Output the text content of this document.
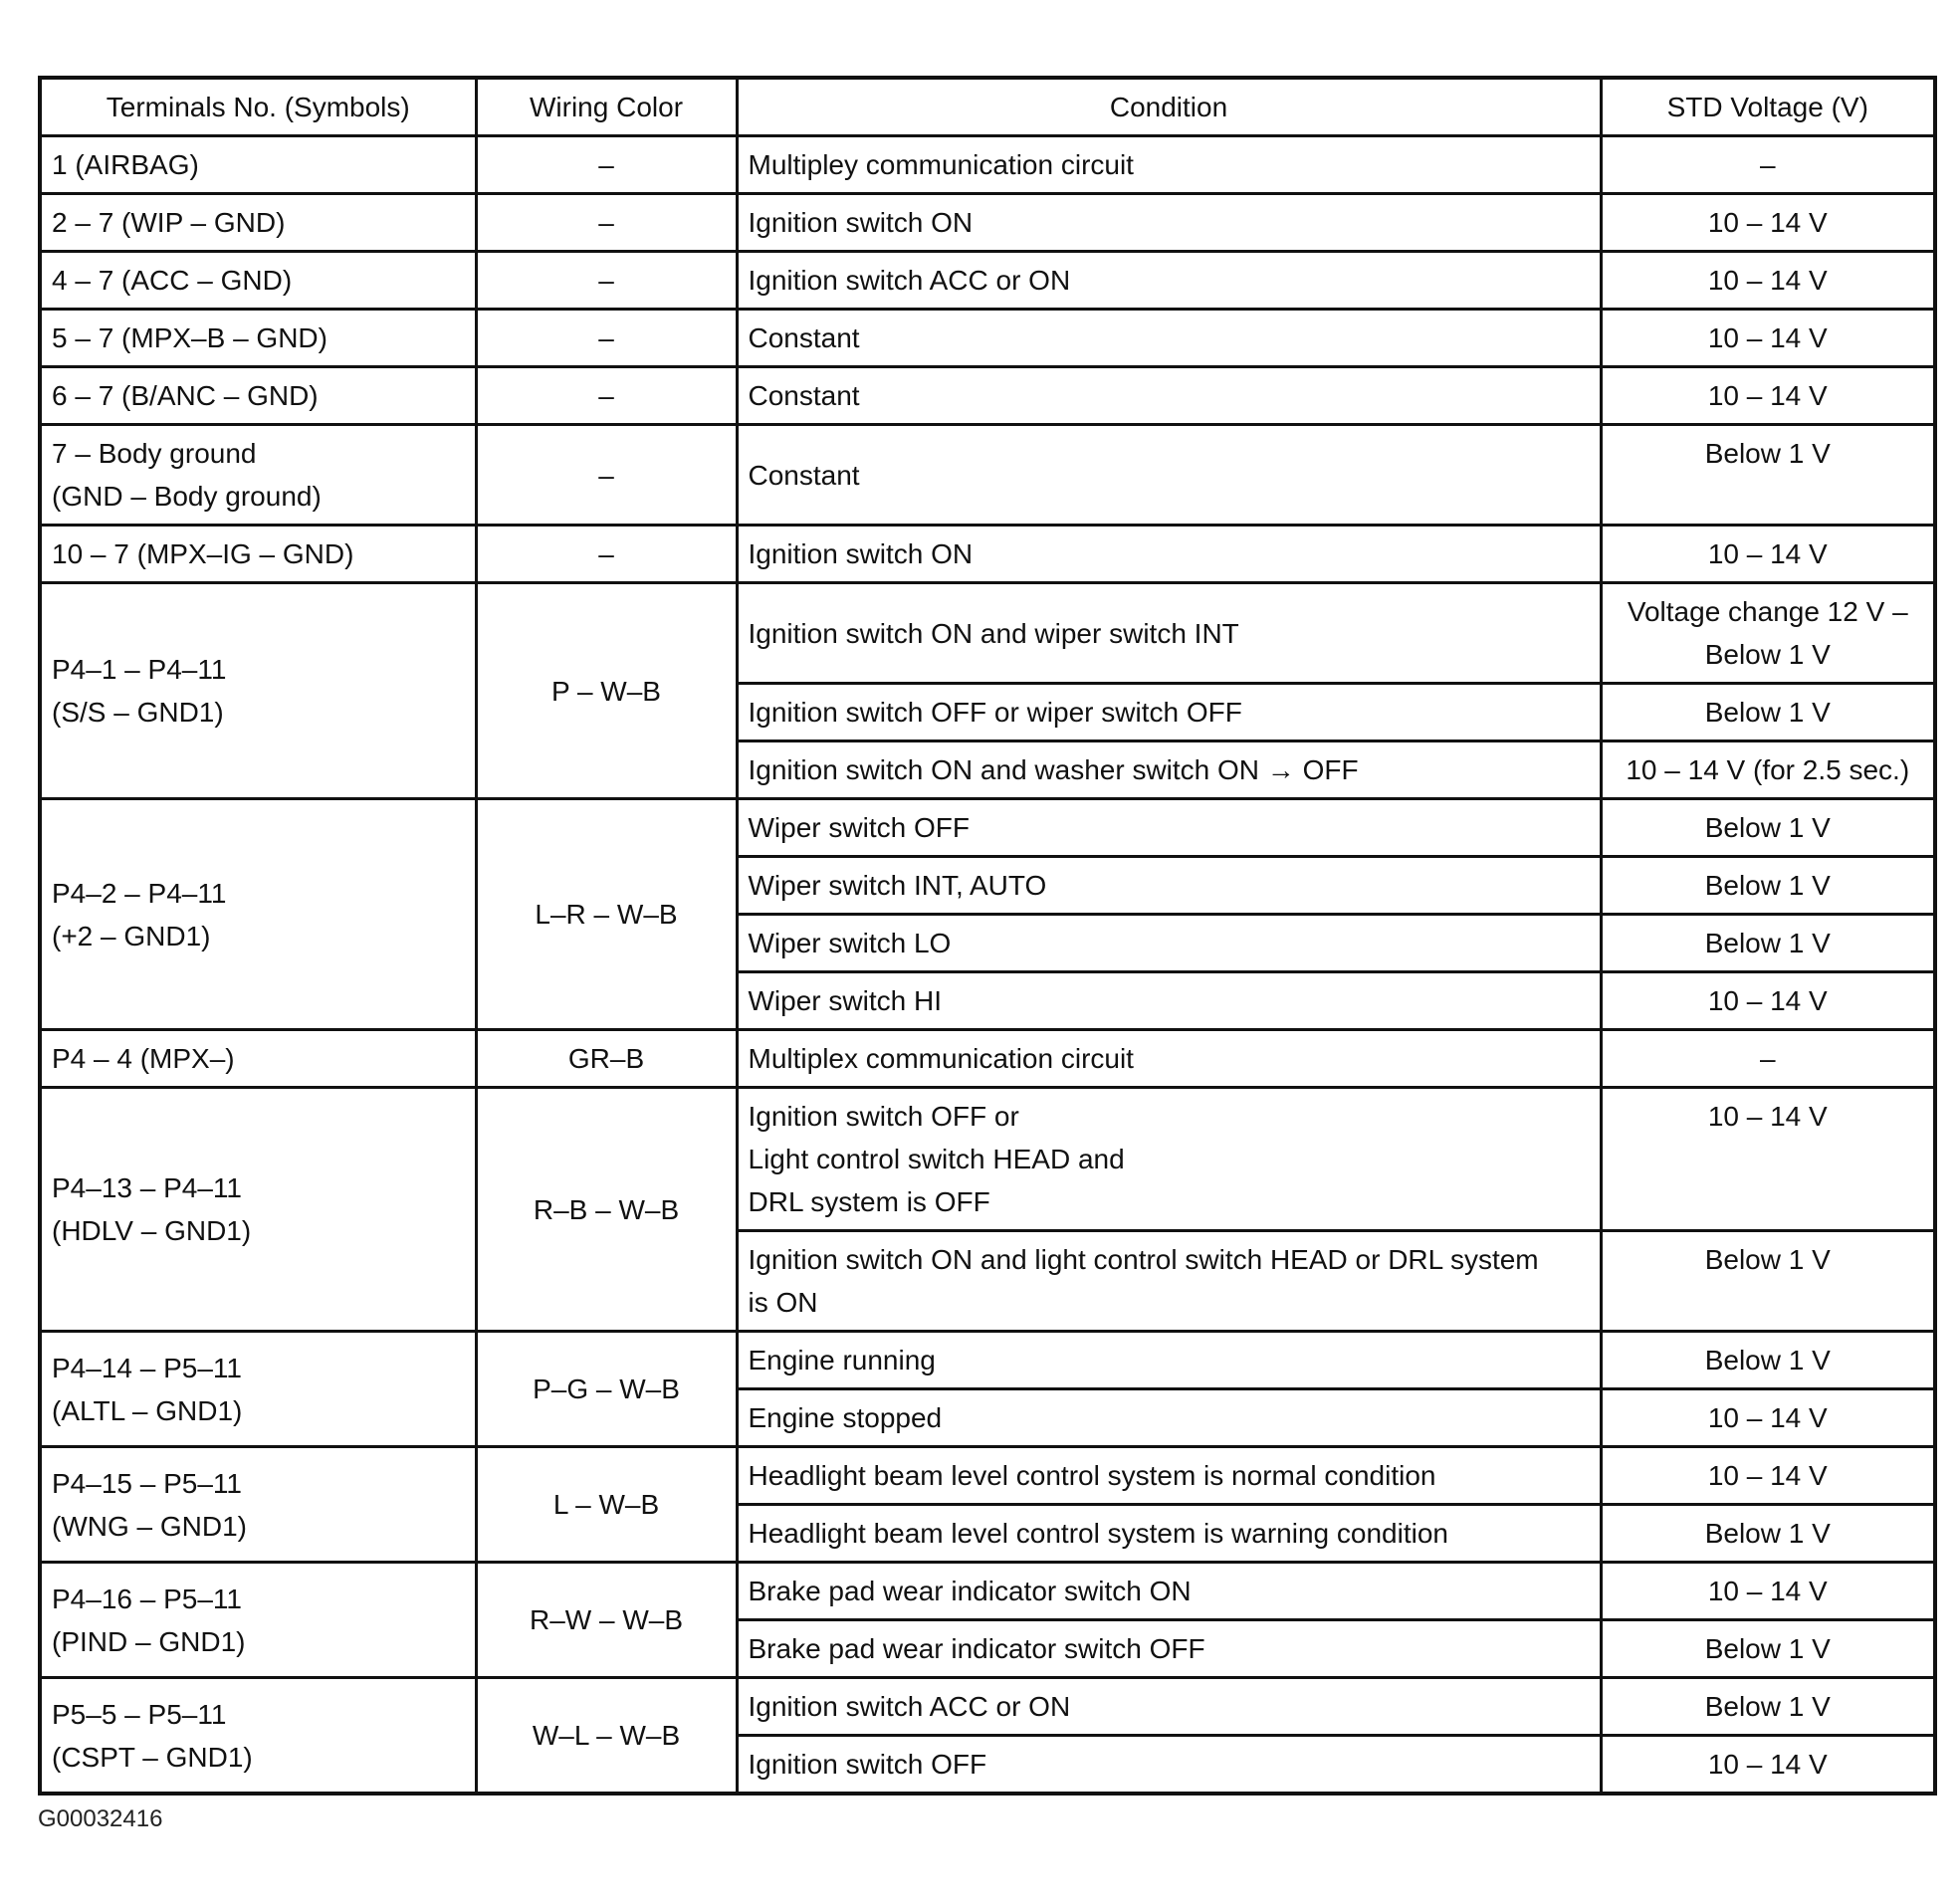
Terminals No. (Symbols)	Wiring Color	Condition	STD Voltage (V)

1 (AIRBAG)	–	Multipley communication circuit	–

2 – 7 (WIP – GND)	–	Ignition switch ON	10 – 14 V

4 – 7 (ACC – GND)	–	Ignition switch ACC or ON	10 – 14 V

5 – 7 (MPX–B – GND)	–	Constant	10 – 14 V

6 – 7 (B/ANC – GND)	–	Constant	10 – 14 V

7 – Body ground
(GND – Body ground)	–	Constant	Below 1 V

10 – 7 (MPX–IG – GND)	–	Ignition switch ON	10 – 14 V

P4–1 – P4–11
(S/S – GND1)	P – W–B	Ignition switch ON and wiper switch INT	Voltage change 12 V –
Below 1 V

		Ignition switch OFF or wiper switch OFF	Below 1 V

		Ignition switch ON and washer switch ON → OFF	10 – 14 V (for 2.5 sec.)

P4–2 – P4–11
(+2 – GND1)	L–R – W–B	Wiper switch OFF	Below 1 V

		Wiper switch INT, AUTO	Below 1 V

		Wiper switch LO	Below 1 V

		Wiper switch HI	10 – 14 V

P4 – 4 (MPX–)	GR–B	Multiplex communication circuit	–

P4–13 – P4–11
(HDLV – GND1)	R–B – W–B	Ignition switch OFF or
Light control switch HEAD and
DRL system is OFF	10 – 14 V

		Ignition switch ON and light control switch HEAD or DRL system
is ON	Below 1 V

P4–14 – P5–11
(ALTL – GND1)	P–G – W–B	Engine running	Below 1 V

		Engine stopped	10 – 14 V

P4–15 – P5–11
(WNG – GND1)	L – W–B	Headlight beam level control system is normal condition	10 – 14 V

		Headlight beam level control system is warning condition	Below 1 V

P4–16 – P5–11
(PIND – GND1)	R–W – W–B	Brake pad wear indicator switch ON	10 – 14 V

		Brake pad wear indicator switch OFF	Below 1 V

P5–5 – P5–11
(CSPT – GND1)	W–L – W–B	Ignition switch ACC or ON	Below 1 V

		Ignition switch OFF	10 – 14 V
G00032416
